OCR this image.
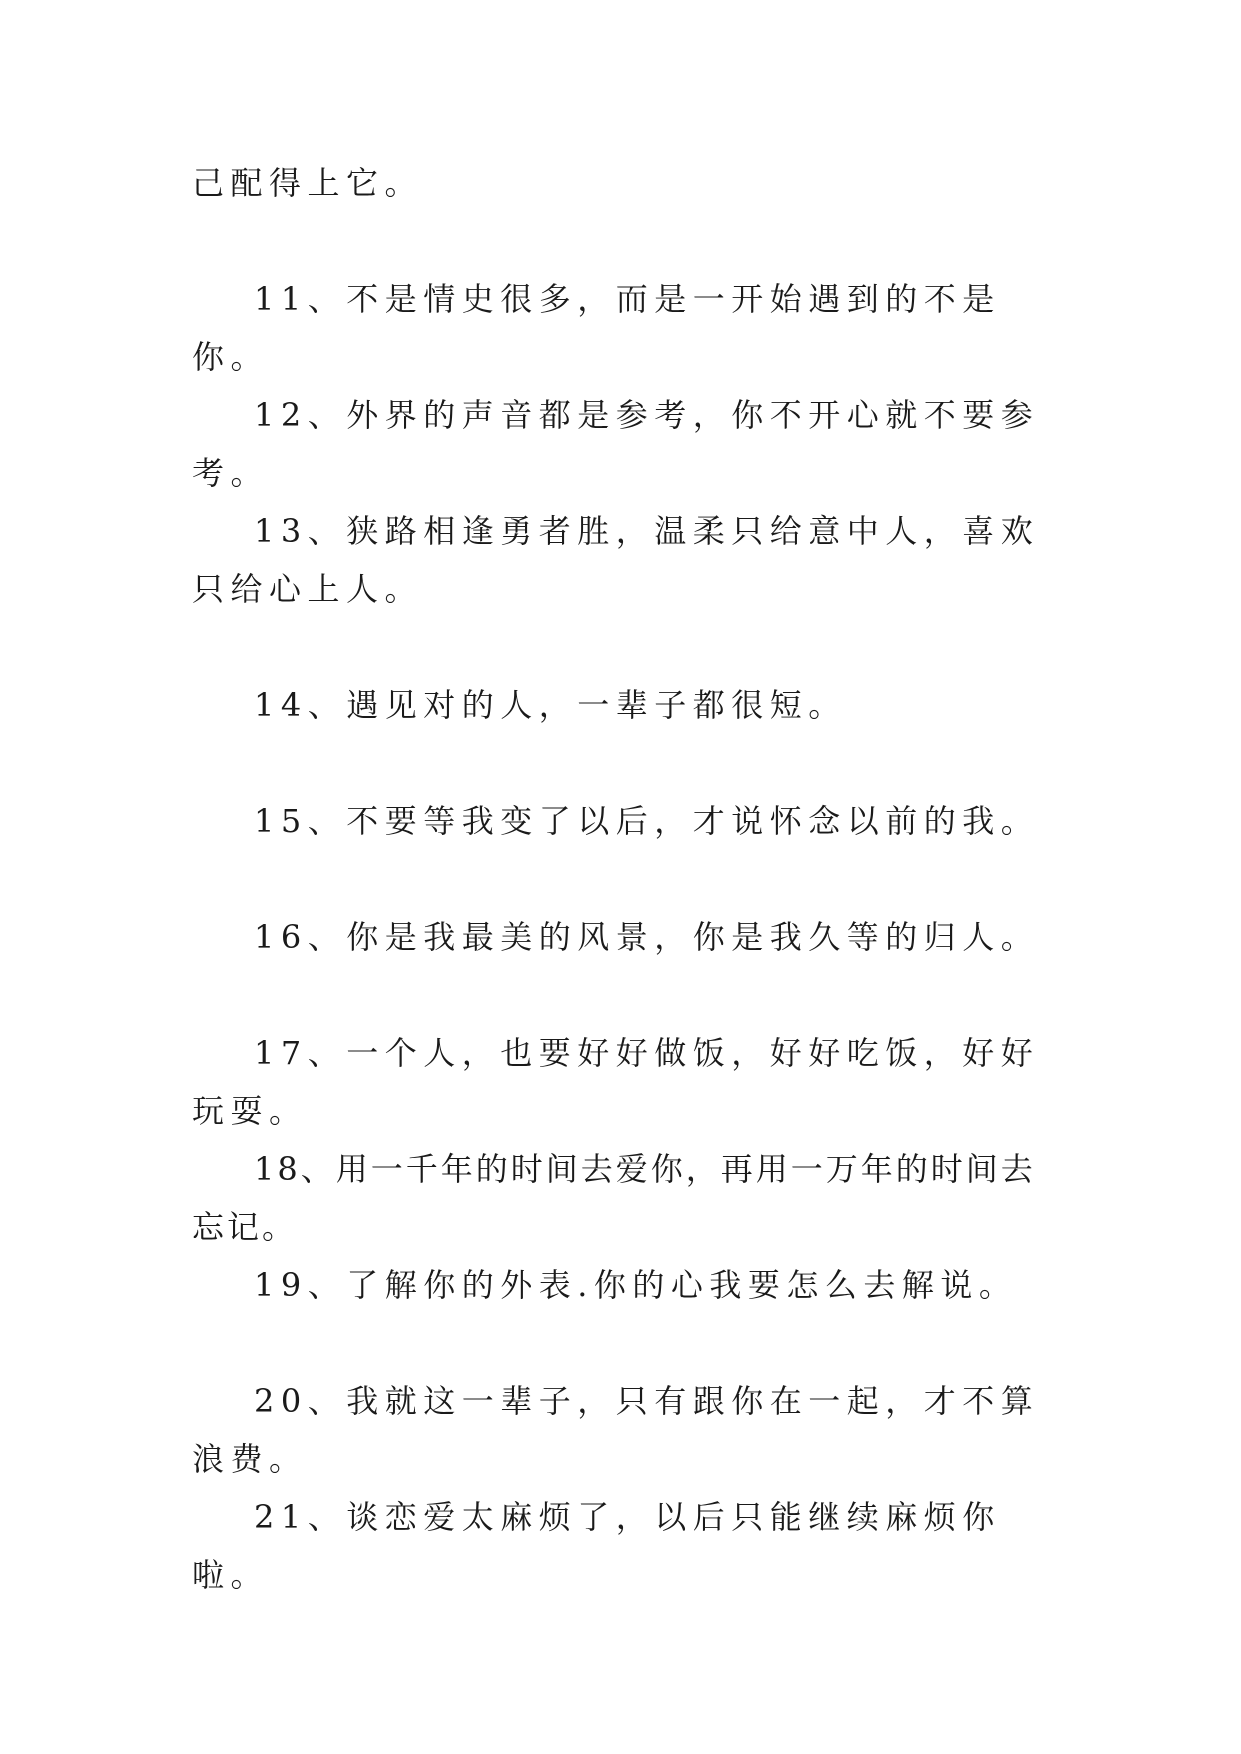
己配得上它。

11、不是情史很多，而是一开始遇到的不是你。

12、外界的声音都是参考，你不开心就不要参考。

13、狭路相逢勇者胜，温柔只给意中人，喜欢只给心上人。

14、遇见对的人，一辈子都很短。

15、不要等我变了以后，才说怀念以前的我。

16、你是我最美的风景，你是我久等的归人。

17、一个人，也要好好做饭，好好吃饭，好好玩耍。

18、用一千年的时间去爱你，再用一万年的时间去忘记。

19、了解你的外表.你的心我要怎么去解说。

20、我就这一辈子，只有跟你在一起，才不算浪费。

21、谈恋爱太麻烦了，以后只能继续麻烦你啦。
